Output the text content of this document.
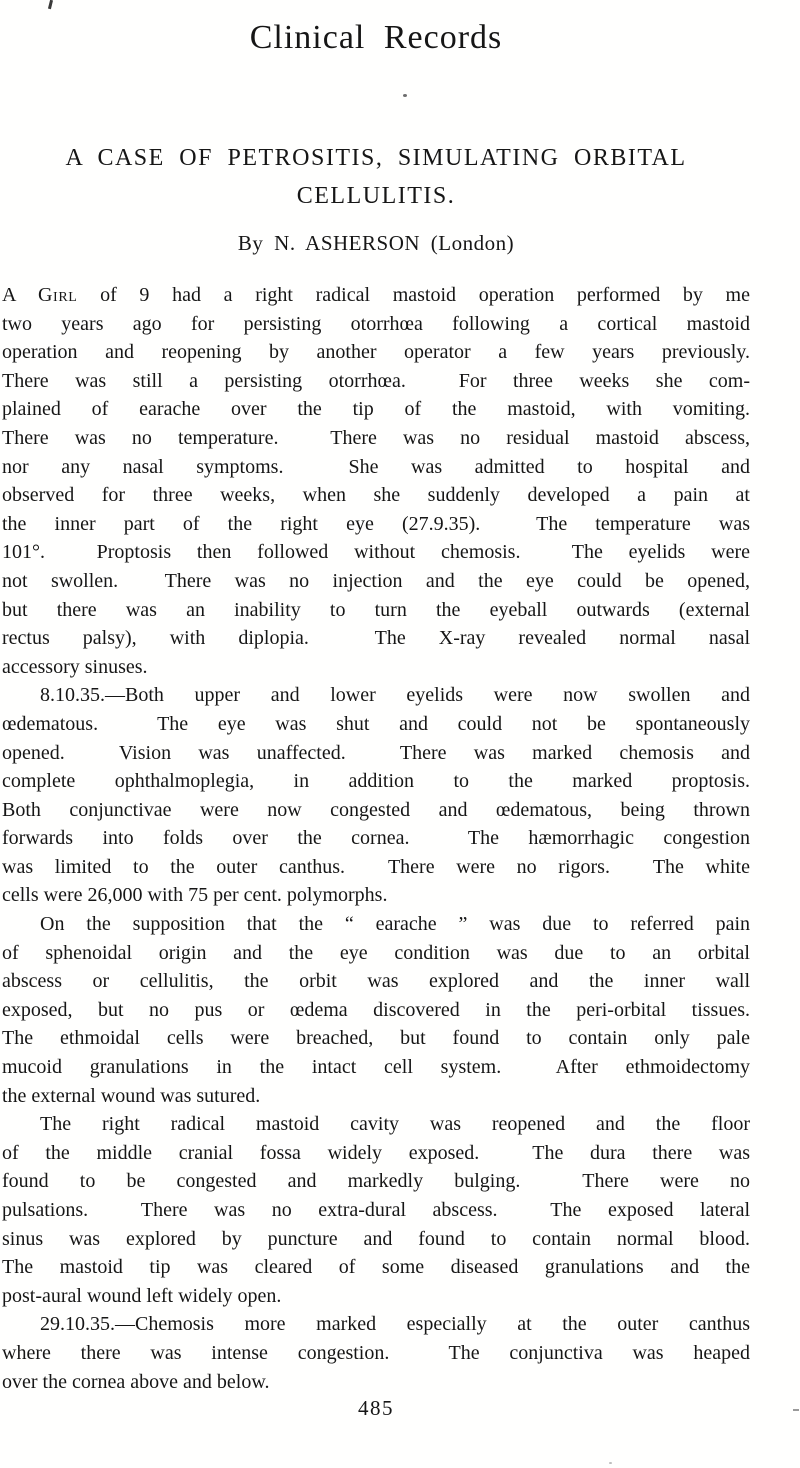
Clinical Records
A CASE OF PETROSITIS, SIMULATING ORBITAL
CELLULITIS.
By N. ASHERSON (London)
A Girl of 9 had a right radical mastoid operation performed by me
two years ago for persisting otorrhœa following a cortical mastoid
operation and reopening by another operator a few years previously.
There was still a persisting otorrhœa.  For three weeks she com-
plained of earache over the tip of the mastoid, with vomiting.
There was no temperature.  There was no residual mastoid abscess,
nor any nasal symptoms.  She was admitted to hospital and
observed for three weeks, when she suddenly developed a pain at
the inner part of the right eye (27.9.35).  The temperature was
101°.  Proptosis then followed without chemosis.  The eyelids were
not swollen.  There was no injection and the eye could be opened,
but there was an inability to turn the eyeball outwards (external
rectus palsy), with diplopia.  The X-ray revealed normal nasal
accessory sinuses.
8.10.35.—Both upper and lower eyelids were now swollen and
œdematous.  The eye was shut and could not be spontaneously
opened.  Vision was unaffected.  There was marked chemosis and
complete ophthalmoplegia, in addition to the marked proptosis.
Both conjunctivae were now congested and œdematous, being thrown
forwards into folds over the cornea.  The hæmorrhagic congestion
was limited to the outer canthus.  There were no rigors.  The white
cells were 26,000 with 75 per cent. polymorphs.
On the supposition that the “ earache ” was due to referred pain
of sphenoidal origin and the eye condition was due to an orbital
abscess or cellulitis, the orbit was explored and the inner wall
exposed, but no pus or œdema discovered in the peri-orbital tissues.
The ethmoidal cells were breached, but found to contain only pale
mucoid granulations in the intact cell system.  After ethmoidectomy
the external wound was sutured.
The right radical mastoid cavity was reopened and the floor
of the middle cranial fossa widely exposed.  The dura there was
found to be congested and markedly bulging.  There were no
pulsations.  There was no extra-dural abscess.  The exposed lateral
sinus was explored by puncture and found to contain normal blood.
The mastoid tip was cleared of some diseased granulations and the
post-aural wound left widely open.
29.10.35.—Chemosis more marked especially at the outer canthus
where there was intense congestion.  The conjunctiva was heaped
over the cornea above and below.
485
